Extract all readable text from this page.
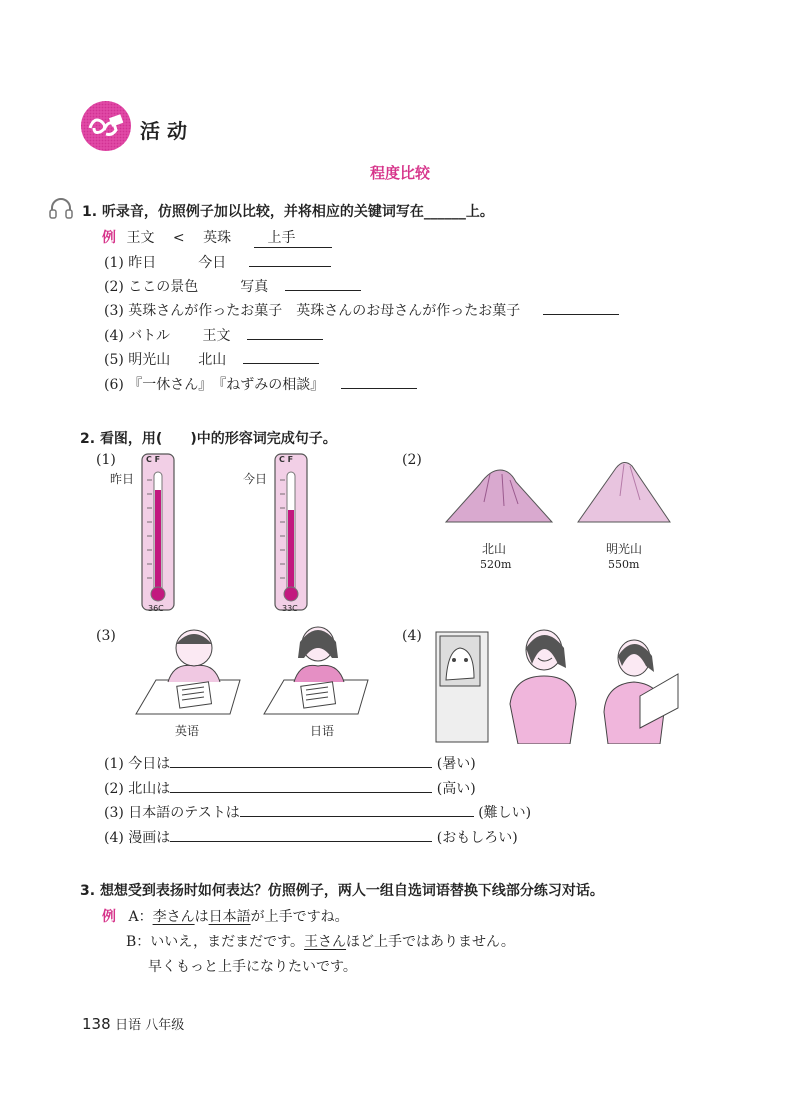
活 动
程度比较
1. 听录音，仿照例子加以比较，并将相应的关键词写在______上。
例 王文 < 英珠	上手
(1) 昨日　　　今日
(2) ここの景色　　　写真
(3) 英珠さんが作ったお菓子　英珠さんのお母さんが作ったお菓子
(4) バトル　　 王文
(5) 明光山　　北山
(6) 『一休さん』　『ねずみの相談』
2. 看图，用(　　)中的形容词完成句子。
(1)
昨日	今日
C F
36C
C F
33C
(2)
北山
520m
明光山
550m
(3)
英语	日语
(4)
(1) 今日は	(暑い)
(2) 北山は	(高い)
(3) 日本語のテストは	(難しい)
(4) 漫画は	(おもしろい)
3. 想想受到表扬时如何表达？仿照例子，两人一组自选词语替换下线部分练习对话。
例 A：李さんは日本語が上手ですね。
B：いいえ，まだまだです。王さんほど上手ではありません。
早くもっと上手になりたいです。
138 日语 八年级
